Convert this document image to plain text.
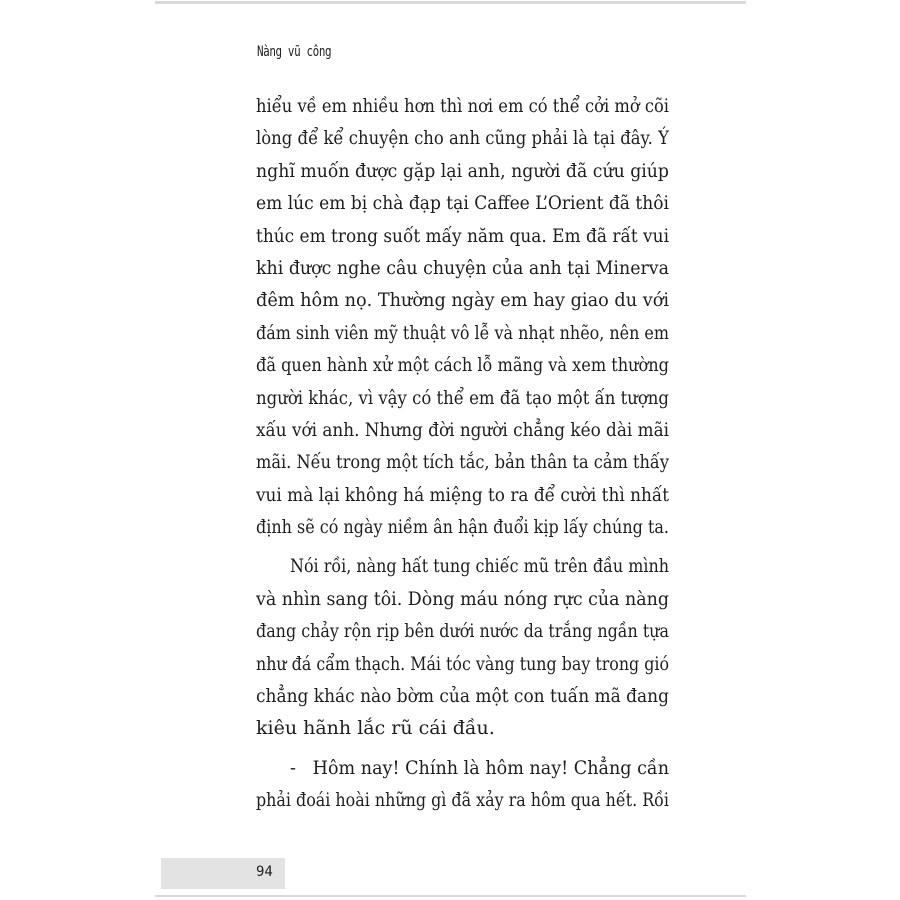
Nàng vũ công
hiểu về em nhiều hơn thì nơi em có thể cởi mở cõi
lòng để kể chuyện cho anh cũng phải là tại đây. Ý
nghĩ muốn được gặp lại anh, người đã cứu giúp
em lúc em bị chà đạp tại Caffee L’Orient đã thôi
thúc em trong suốt mấy năm qua. Em đã rất vui
khi được nghe câu chuyện của anh tại Minerva
đêm hôm nọ. Thường ngày em hay giao du với
đám sinh viên mỹ thuật vô lễ và nhạt nhẽo, nên em
đã quen hành xử một cách lỗ mãng và xem thường
người khác, vì vậy có thể em đã tạo một ấn tượng
xấu với anh. Nhưng đời người chẳng kéo dài mãi
mãi. Nếu trong một tích tắc, bản thân ta cảm thấy
vui mà lại không há miệng to ra để cười thì nhất
định sẽ có ngày niềm ân hận đuổi kịp lấy chúng ta.
Nói rồi, nàng hất tung chiếc mũ trên đầu mình
và nhìn sang tôi. Dòng máu nóng rực của nàng
đang chảy rộn rịp bên dưới nước da trắng ngần tựa
như đá cẩm thạch. Mái tóc vàng tung bay trong gió
chẳng khác nào bờm của một con tuấn mã đang
kiêu hãnh lắc rũ cái đầu.
-   Hôm nay! Chính là hôm nay! Chẳng cần
phải đoái hoài những gì đã xảy ra hôm qua hết. Rồi
94
